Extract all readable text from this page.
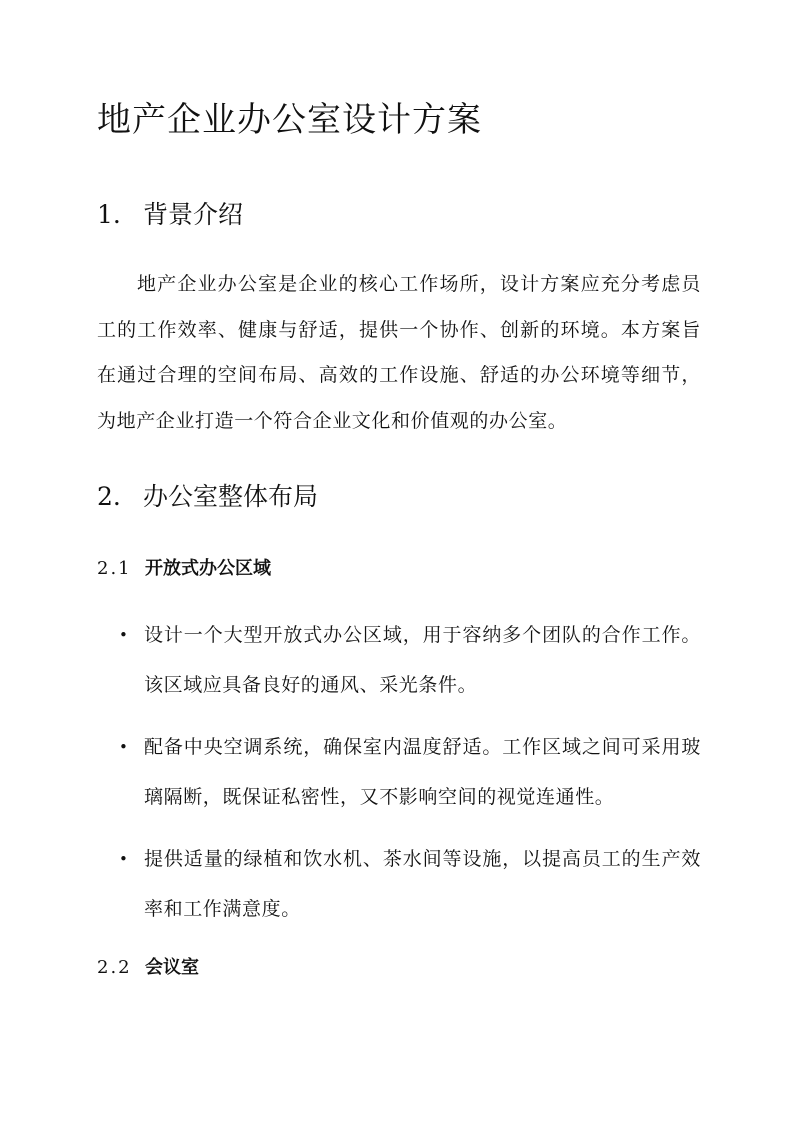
地产企业办公室设计方案
1. 背景介绍

地产企业办公室是企业的核心工作场所，设计方案应充分考虑员工的工作效率、健康与舒适，提供一个协作、创新的环境。本方案旨在通过合理的空间布局、高效的工作设施、舒适的办公环境等细节，为地产企业打造一个符合企业文化和价值观的办公室。

2. 办公室整体布局
2.1 开放式办公区域
• 设计一个大型开放式办公区域，用于容纳多个团队的合作工作。该区域应具备良好的通风、采光条件。
• 配备中央空调系统，确保室内温度舒适。工作区域之间可采用玻璃隔断，既保证私密性，又不影响空间的视觉连通性。
• 提供适量的绿植和饮水机、茶水间等设施，以提高员工的生产效率和工作满意度。
2.2 会议室
